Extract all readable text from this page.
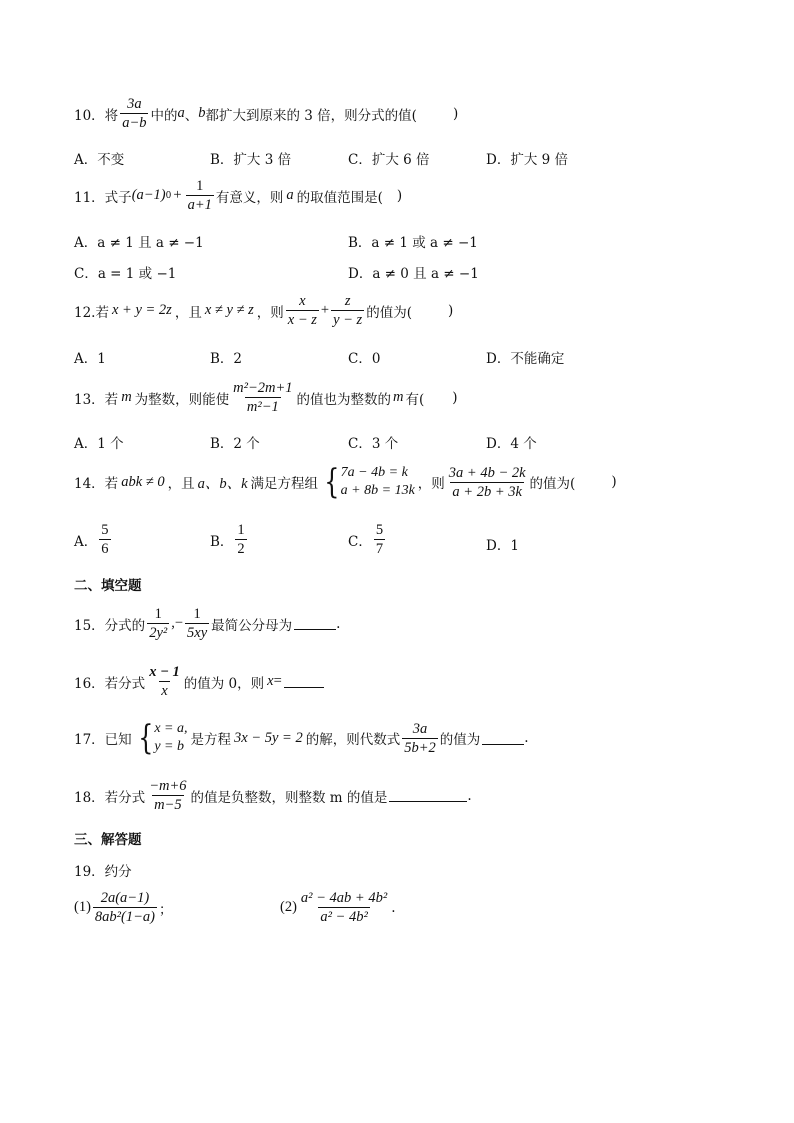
10．将 $\frac{3a}{a-b}$ 中的 a 、 b 都扩大到原来的 3 倍，则分式的值(	)
A．不变	B．扩大 3 倍	C．扩大 6 倍	D．扩大 9 倍
11．式子 (a−1) $0 + \frac{1}{a+1}$ 有意义，则 a 的取值范围是( )
A．a ≠ 1 且 a ≠ −1	B．a ≠ 1 或 a ≠ −1
C．a = 1 或 −1	D．a ≠ 0 且 a ≠ −1
12.若 x + y = 2z ，且 x ≠ y ≠ z ，则 $\frac{x}{x - z} + \frac{z}{y - z}$ 的值为(	)
A．1	B．2	C．0	D．不能确定
13．若 m 为整数，则能使 $\frac{\text{m²−2m+1}}{\text{m²−1}}$ 的值也为整数的 m 有( )
A．1 个	B．2 个	C．3 个	D．4 个
14．若 abk ≠ 0 ，且 a、b、k 满足方程组 { 7a − 4b = k
a + 8b = 13k ，则 $\frac{3a + 4b - 2k}{a + 2b + 3k}$ 的值为(	)
A． $\frac{5}{6}$	B． $\frac{1}{2}$	C． $\frac{5}{7}$	D．1
二、填空题
15．分式的 $\frac{1}{\text{2y²}}$ ,− $\frac{1}{5xy}$ 最简公分母为	.
16．若分式 $\frac{x - 1}{x}$ 的值为 0，则 x =
17．已知 { x = a,
y = b 是方程 3x − 5y = 2 的解，则代数式 $\frac{3a}{5b+2}$ 的值为	.
18．若分式 $\frac{-m+6}{m-5}$ 的值是负整数，则整数 m 的值是	.
三、解答题
19．约分
$(1) \frac{2a(a-1)}{\text{8ab²(1−a)}}$ ；	$(2) \frac{\text{a² − 4ab + 4b²}}{\text{a² − 4b²}}$ .
